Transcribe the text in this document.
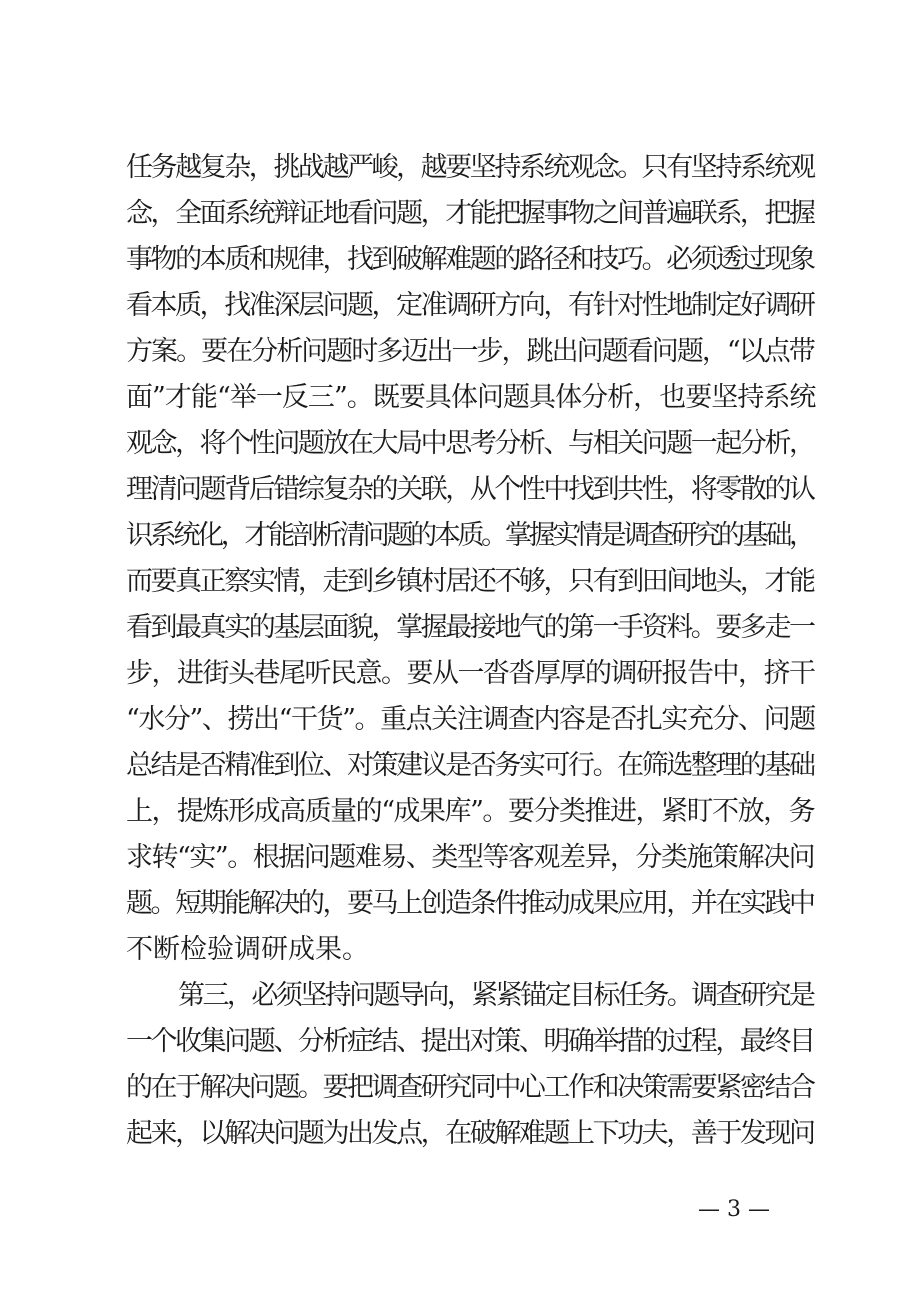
任务越复杂，挑战越严峻，越要坚持系统观念。只有坚持系统观
念，全面系统辩证地看问题，才能把握事物之间普遍联系，把握
事物的本质和规律，找到破解难题的路径和技巧。必须透过现象
看本质，找准深层问题，定准调研方向，有针对性地制定好调研
方案。要在分析问题时多迈出一步，跳出问题看问题，“以点带
面”才能“举一反三”。既要具体问题具体分析，也要坚持系统
观念，将个性问题放在大局中思考分析、与相关问题一起分析，
理清问题背后错综复杂的关联，从个性中找到共性，将零散的认
识系统化，才能剖析清问题的本质。掌握实情是调查研究的基础，
而要真正察实情，走到乡镇村居还不够，只有到田间地头，才能
看到最真实的基层面貌，掌握最接地气的第一手资料。要多走一
步，进街头巷尾听民意。要从一沓沓厚厚的调研报告中，挤干
“水分”、捞出“干货”。重点关注调查内容是否扎实充分、问题
总结是否精准到位、对策建议是否务实可行。在筛选整理的基础
上，提炼形成高质量的“成果库”。要分类推进，紧盯不放，务
求转“实”。根据问题难易、类型等客观差异，分类施策解决问
题。短期能解决的，要马上创造条件推动成果应用，并在实践中
不断检验调研成果。
第三，必须坚持问题导向，紧紧锚定目标任务。调查研究是
一个收集问题、分析症结、提出对策、明确举措的过程，最终目
的在于解决问题。要把调查研究同中心工作和决策需要紧密结合
起来，以解决问题为出发点，在破解难题上下功夫，善于发现问
— 3 —
